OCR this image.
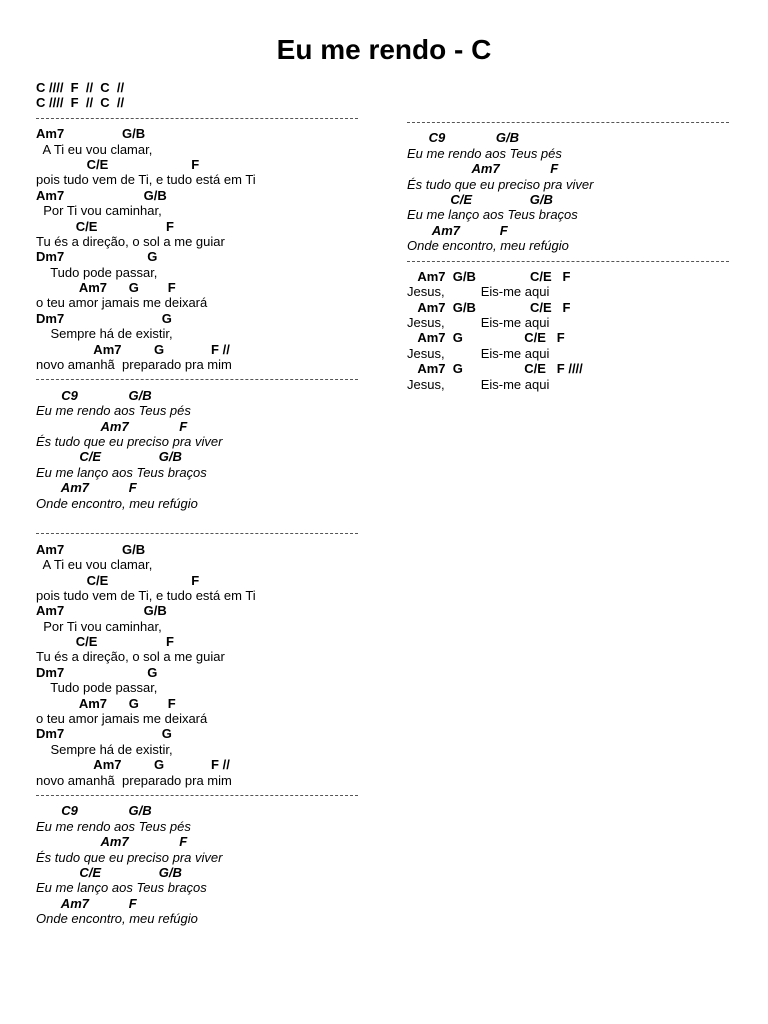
Eu me rendo - C
C ////  F  //  C  //
C ////  F  //  C  //
Am7                G/B
A Ti eu vou clamar,
C/E                       F
pois tudo vem de Ti, e tudo está em Ti
Am7                      G/B
Por Ti vou caminhar,
C/E                   F
Tu és a direção, o sol a me guiar
Dm7                       G
Tudo pode passar,
Am7      G        F
o teu amor jamais me deixará
Dm7                           G
Sempre há de existir,
Am7         G             F //
novo amanhã  preparado pra mim
C9              G/B
Eu me rendo aos Teus pés
Am7              F
És tudo que eu preciso pra viver
C/E                G/B
Eu me lanço aos Teus braços
Am7           F
Onde encontro, meu refúgio
Am7                G/B
A Ti eu vou clamar,
C/E                       F
pois tudo vem de Ti, e tudo está em Ti
Am7                      G/B
Por Ti vou caminhar,
C/E                   F
Tu és a direção, o sol a me guiar
Dm7                       G
Tudo pode passar,
Am7      G        F
o teu amor jamais me deixará
Dm7                           G
Sempre há de existir,
Am7         G             F //
novo amanhã  preparado pra mim
C9              G/B
Eu me rendo aos Teus pés
Am7              F
És tudo que eu preciso pra viver
C/E                G/B
Eu me lanço aos Teus braços
Am7           F
Onde encontro, meu refúgio
C9              G/B
Eu me rendo aos Teus pés
Am7              F
És tudo que eu preciso pra viver
C/E                G/B
Eu me lanço aos Teus braços
Am7           F
Onde encontro, meu refúgio
Am7  G/B               C/E   F
Jesus,          Eis-me aqui
Am7  G/B               C/E   F
Jesus,          Eis-me aqui
Am7  G                 C/E   F
Jesus,          Eis-me aqui
Am7  G                 C/E   F ////
Jesus,          Eis-me aqui
